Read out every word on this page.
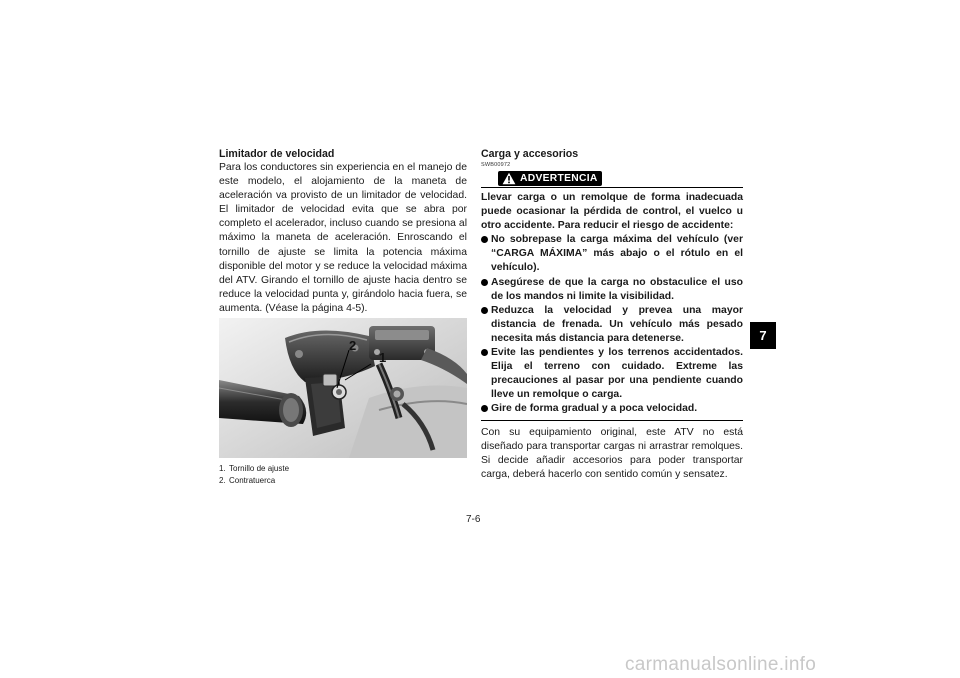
Limitador de velocidad

Para los conductores sin experiencia en el manejo de este modelo, el alojamiento de la maneta de aceleración va provisto de un limitador de velocidad. El limitador de velocidad evita que se abra por completo el acelerador, incluso cuando se presiona al máximo la maneta de aceleración. Enroscando el tornillo de ajuste se limita la potencia máxima disponible del motor y se reduce la velocidad máxima del ATV. Girando el tornillo de ajuste hacia dentro se reduce la velocidad punta y, girándolo hacia fuera, se aumenta. (Véase la página 4-5).

2
1
1. Tornillo de ajuste
2. Contratuerca
Carga y accesorios
SWB00972
ADVERTENCIA

Llevar carga o un remolque de forma inadecuada puede ocasionar la pérdida de control, el vuelco u otro accidente. Para reducir el riesgo de accidente:

No sobrepase la carga máxima del vehículo (ver “CARGA MÁXIMA” más abajo o el rótulo en el vehículo).
Asegúrese de que la carga no obstaculice el uso de los mandos ni limite la visibilidad.
Reduzca la velocidad y prevea una mayor distancia de frenada. Un vehículo más pesado necesita más distancia para detenerse.
Evite las pendientes y los terrenos accidentados. Elija el terreno con cuidado. Extreme las precauciones al pasar por una pendiente cuando lleve un remolque o carga.
Gire de forma gradual y a poca velocidad.

Con su equipamiento original, este ATV no está diseñado para transportar cargas ni arrastrar remolques. Si decide añadir accesorios para poder transportar carga, deberá hacerlo con sentido común y sensatez.

7
7-6
carmanualsonline.info
